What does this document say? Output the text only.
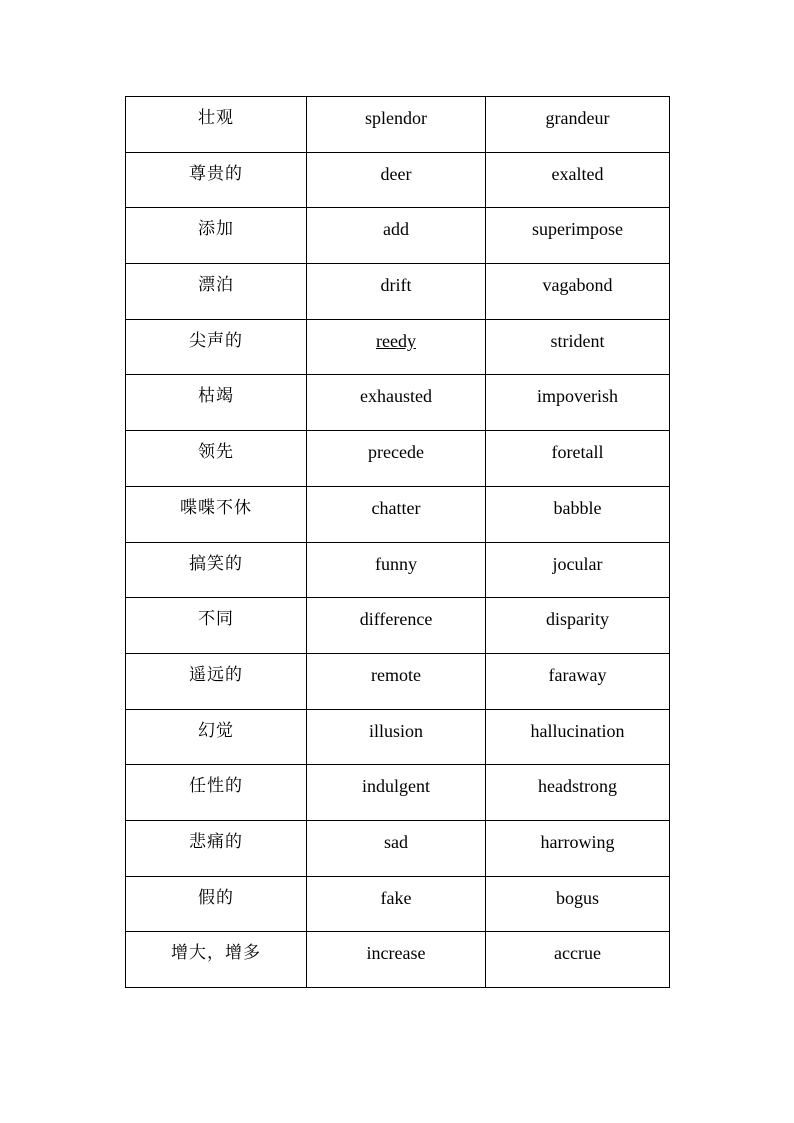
壮观	splendor	grandeur
尊贵的	deer	exalted
添加	add	superimpose
漂泊	drift	vagabond
尖声的	reedy	strident
枯竭	exhausted	impoverish
领先	precede	foretall
喋喋不休	chatter	babble
搞笑的	funny	jocular
不同	difference	disparity
遥远的	remote	faraway
幻觉	illusion	hallucination
任性的	indulgent	headstrong
悲痛的	sad	harrowing
假的	fake	bogus
增大，增多	increase	accrue
